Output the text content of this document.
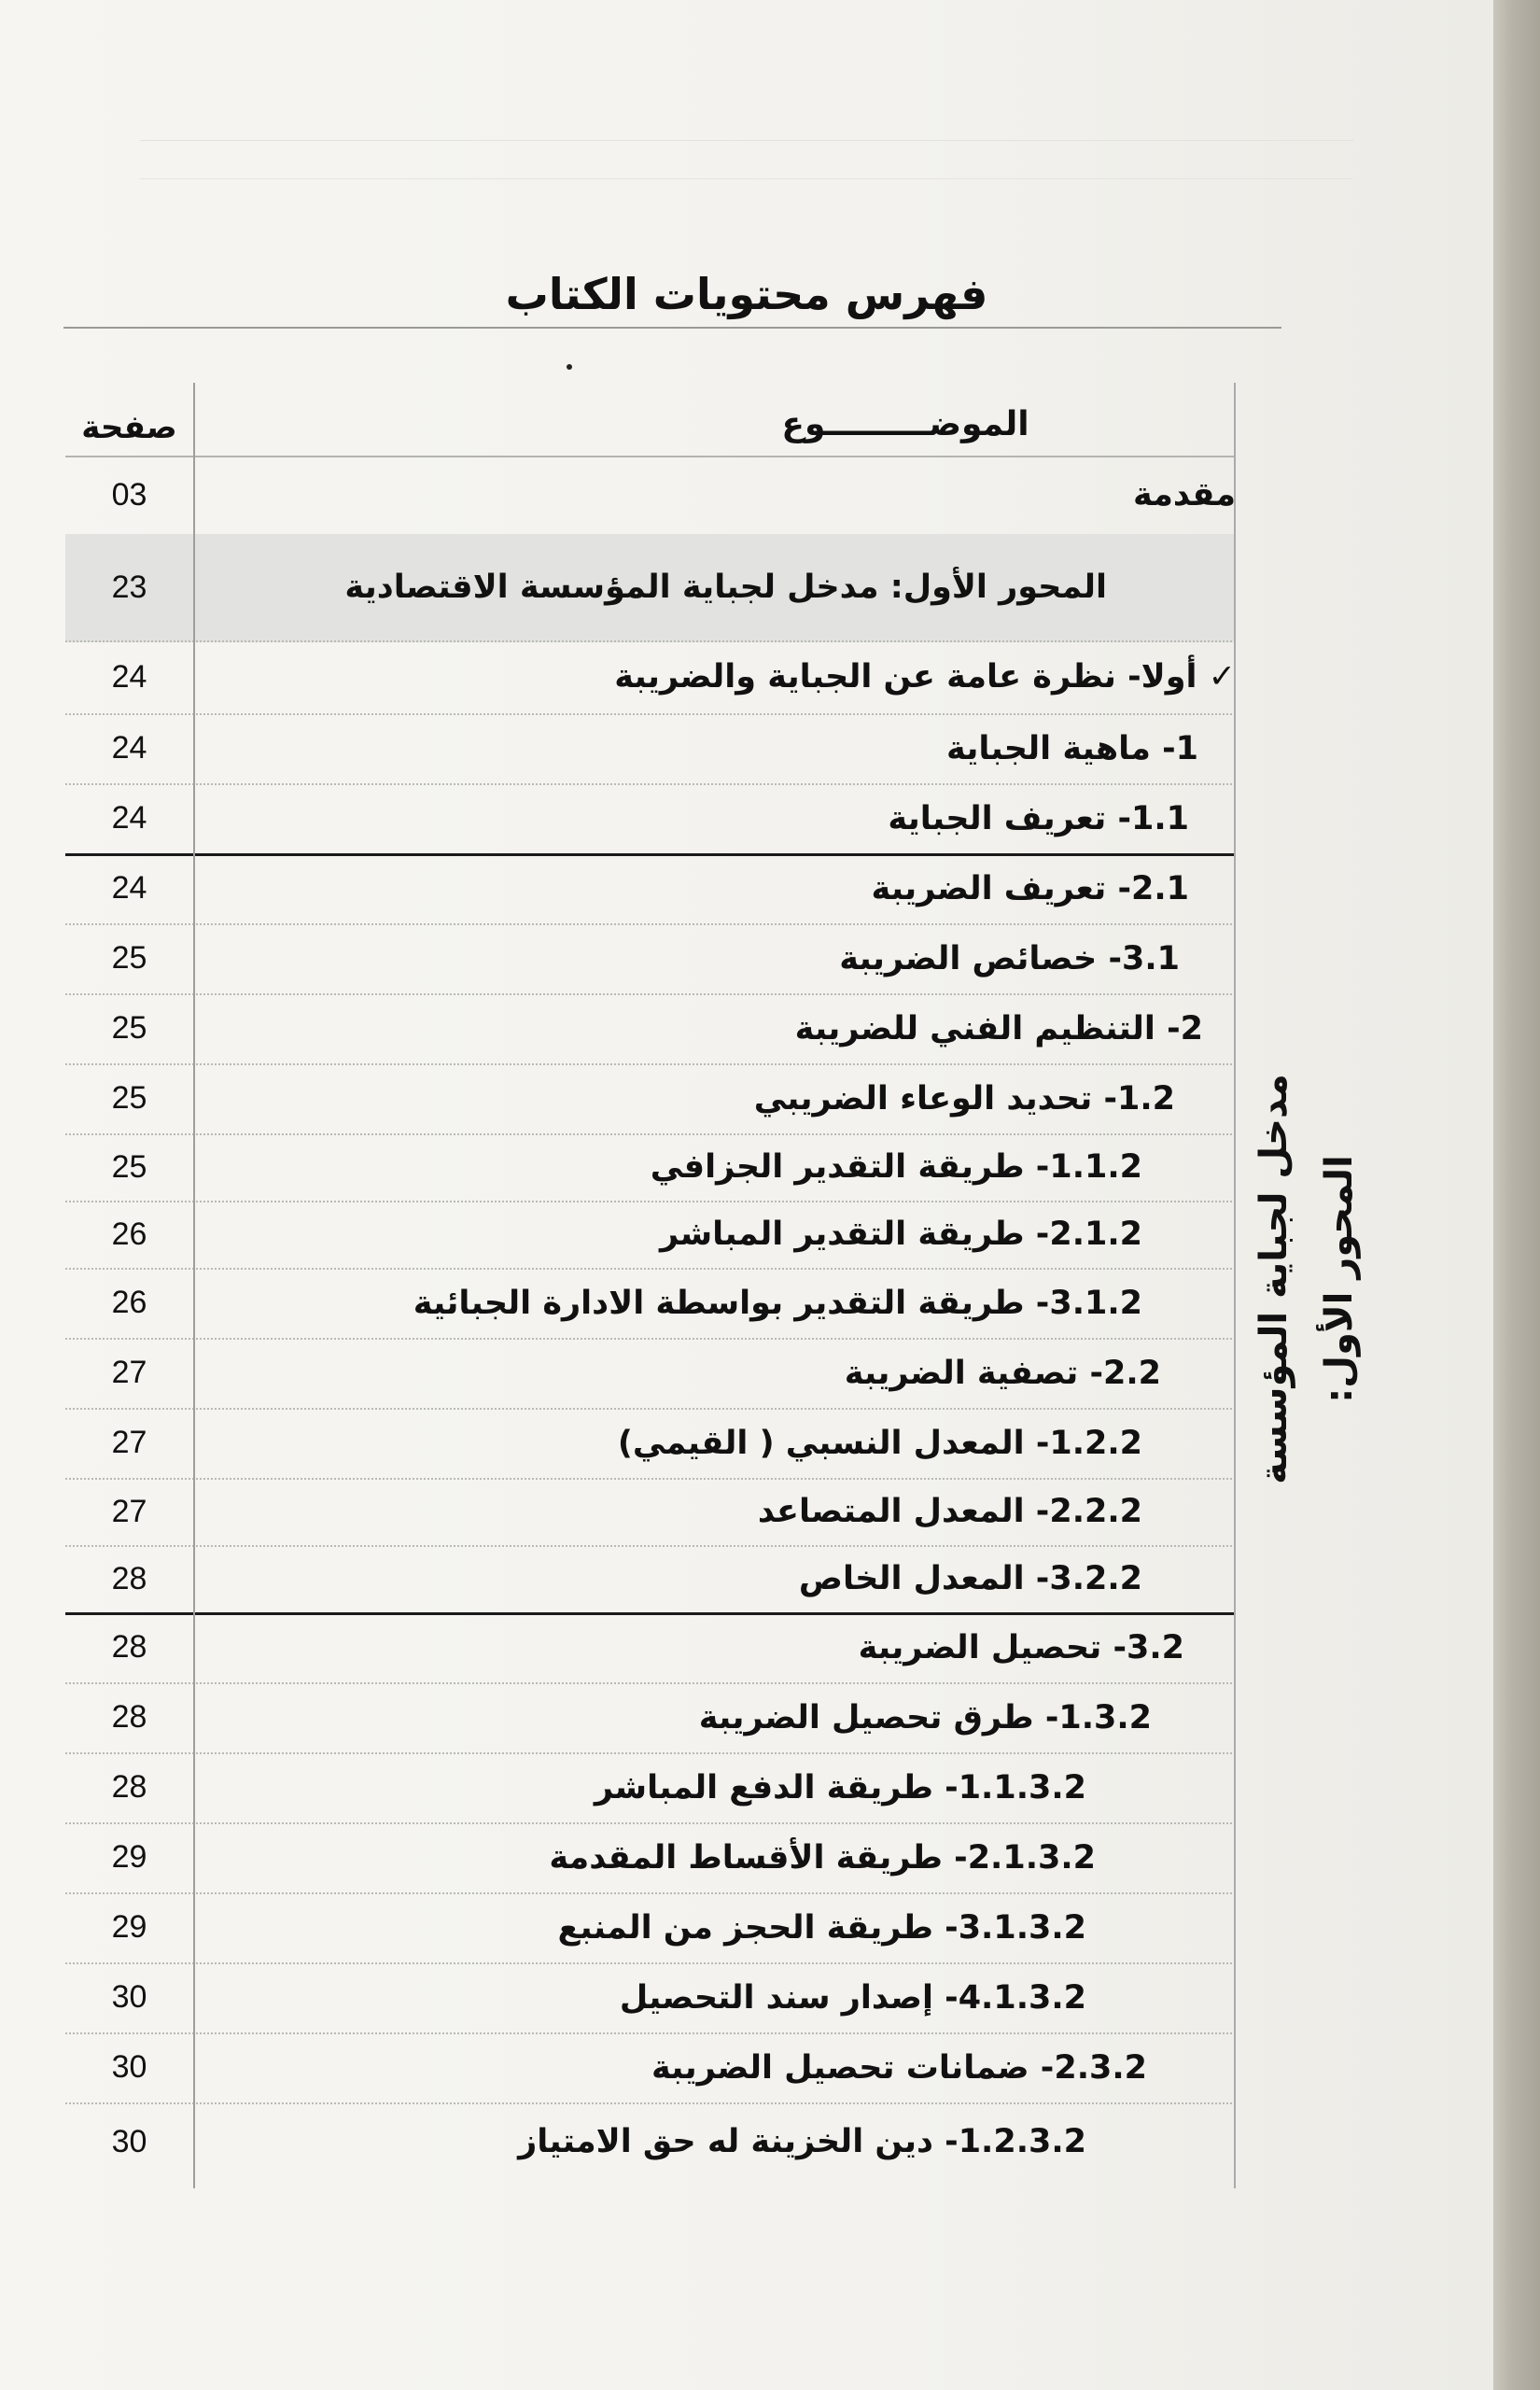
فهرس محتويات الكتاب
صفحة	الموضـــــــــوع
03	مقدمة
23	المحور الأول: مدخل لجباية المؤسسة الاقتصادية
24	✓ أولا- نظرة عامة عن الجباية والضريبة
24	1- ماهية الجباية
24	1.1- تعريف الجباية
24	2.1- تعريف الضريبة
25	3.1- خصائص الضريبة
25	2- التنظيم الفني للضريبة
25	1.2- تحديد الوعاء الضريبي
25	1.1.2- طريقة التقدير الجزافي
26	2.1.2- طريقة التقدير المباشر
26	3.1.2- طريقة التقدير بواسطة الادارة الجبائية
27	2.2- تصفية الضريبة
27	1.2.2- المعدل النسبي ( القيمي)
27	2.2.2- المعدل المتصاعد
28	3.2.2- المعدل الخاص
28	3.2- تحصيل الضريبة
28	1.3.2- طرق تحصيل الضريبة
28	1.1.3.2- طريقة الدفع المباشر
29	2.1.3.2- طريقة الأقساط المقدمة
29	3.1.3.2- طريقة الحجز من المنبع
30	4.1.3.2- إصدار سند التحصيل
30	2.3.2- ضمانات تحصيل الضريبة
30	1.2.3.2- دين الخزينة له حق الامتياز
المحور الأول:
مدخل لجباية المؤسسة
